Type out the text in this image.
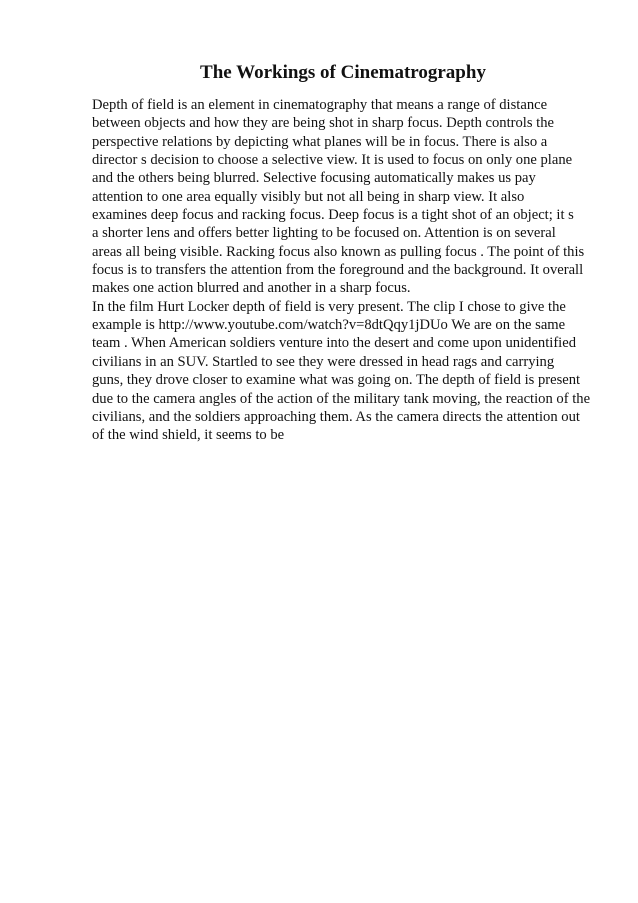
The Workings of Cinematrography
Depth of field is an element in cinematography that means a range of distance
between objects and how they are being shot in sharp focus. Depth controls the
perspective relations by depicting what planes will be in focus. There is also a
director s decision to choose a selective view. It is used to focus on only one plane
and the others being blurred. Selective focusing automatically makes us pay
attention to one area equally visibly but not all being in sharp view. It also
examines deep focus and racking focus. Deep focus is a tight shot of an object; it s
a shorter lens and offers better lighting to be focused on. Attention is on several
areas all being visible. Racking focus also known as pulling focus . The point of this
focus is to transfers the attention from the foreground and the background. It overall
makes one action blurred and another in a sharp focus.
In the film Hurt Locker depth of field is very present. The clip I chose to give the
example is http://www.youtube.com/watch?v=8dtQqy1jDUo We are on the same
team . When American soldiers venture into the desert and come upon unidentified
civilians in an SUV. Startled to see they were dressed in head rags and carrying
guns, they drove closer to examine what was going on. The depth of field is present
due to the camera angles of the action of the military tank moving, the reaction of the
civilians, and the soldiers approaching them. As the camera directs the attention out
of the wind shield, it seems to be
